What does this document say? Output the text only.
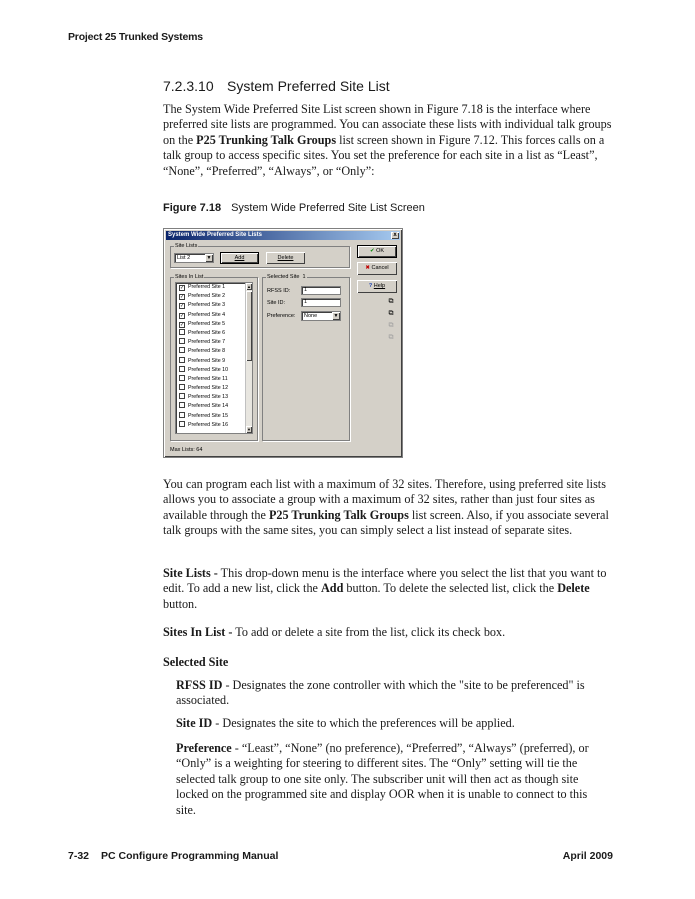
Project 25 Trunked Systems
7.2.3.10 System Preferred Site List

The System Wide Preferred Site List screen shown in Figure 7.18 is the interface where preferred site lists are programmed. You can associate these lists with individual talk groups on the P25 Trunking Talk Groups list screen shown in Figure 7.12. This forces calls on a talk group to access specific sites. You set the preference for each site in a list as “Least”, “None”, “Preferred”, “Always”, or “Only”:

Figure 7.18 System Wide Preferred Site List Screen
System Wide Preferred Site Lists	x
Site Lists
List 2	▼	Add	Delete
Sites In List
✓ Preferred Site 1
✓ Preferred Site 2
✓ Preferred Site 3
✓ Preferred Site 4
✓ Preferred Site 5
Preferred Site 6
Preferred Site 7
Preferred Site 8
Preferred Site 9
Preferred Site 10
Preferred Site 11
Preferred Site 12
Preferred Site 13
Preferred Site 14
Preferred Site 15
Preferred Site 16
▲
▼
Selected Site 1
RFSS ID:	1
Site ID:	1
Preference:	None	▼
✔ OK
✖ Cancel
? Help
⧉
⧉
⧉
⧉
Max Lists: 64

You can program each list with a maximum of 32 sites. Therefore, using preferred site lists allows you to associate a group with a maximum of 32 sites, rather than just four sites as available through the P25 Trunking Talk Groups list screen. Also, if you associate several talk groups with the same sites, you can simply select a list instead of separate sites.

Site Lists - This drop-down menu is the interface where you select the list that you want to edit. To add a new list, click the Add button. To delete the selected list, click the Delete button.

Sites In List - To add or delete a site from the list, click its check box.

Selected Site

RFSS ID - Designates the zone controller with which the "site to be preferenced" is associated.

Site ID - Designates the site to which the preferences will be applied.

Preference - “Least”, “None” (no preference), “Preferred”, “Always” (preferred), or “Only” is a weighting for steering to different sites. The “Only” setting will tie the selected talk group to one site only. The subscriber unit will then act as though site locked on the programmed site and display OOR when it is unable to connect to this site.

7-32 PC Configure Programming Manual	April 2009
